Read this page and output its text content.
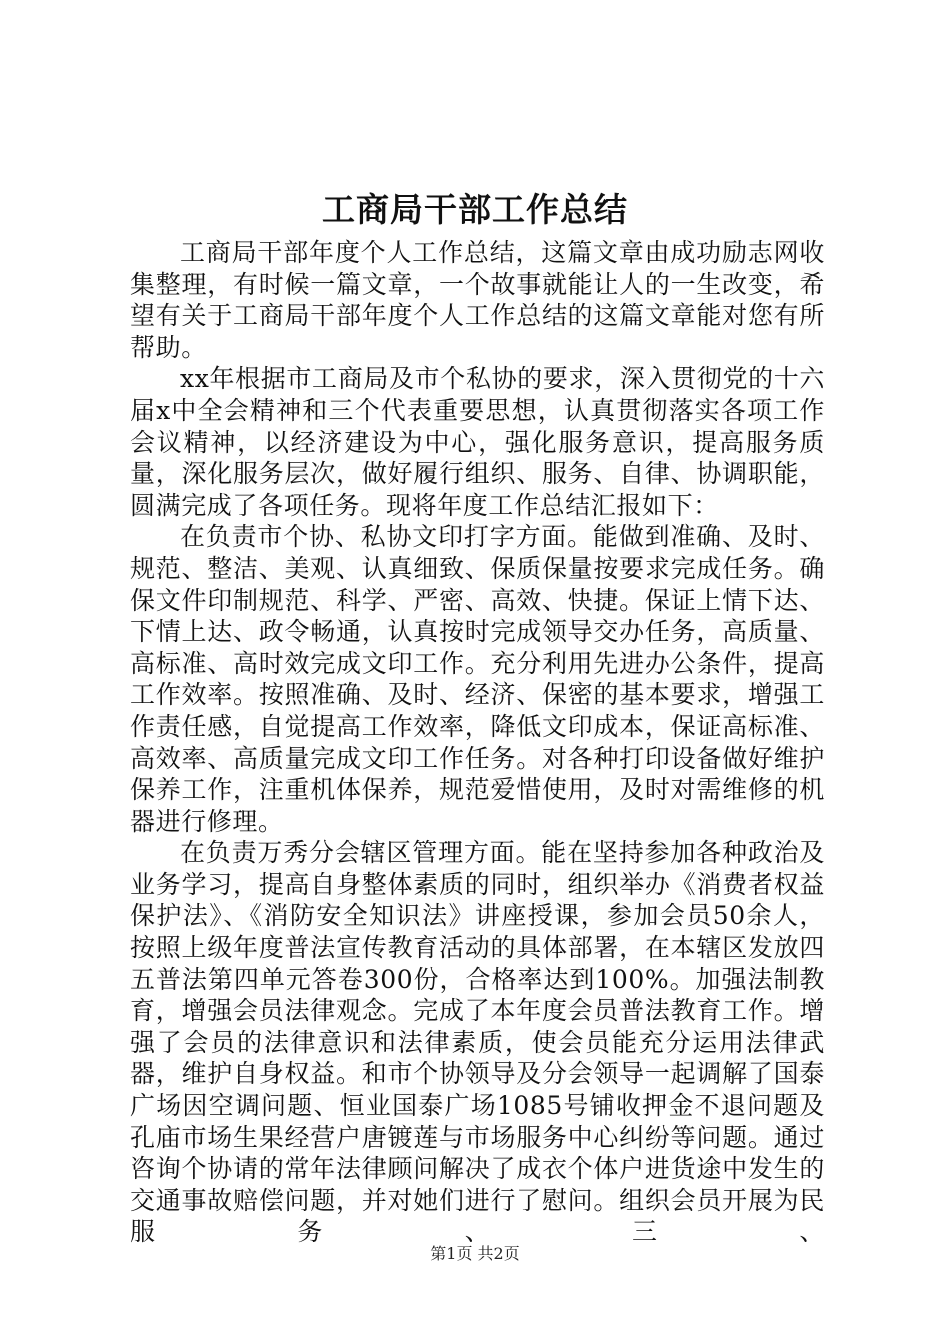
工商局干部工作总结

工商局干部年度个人工作总结，这篇文章由成功励志网收集整理，有时候一篇文章，一个故事就能让人的一生改变，希望有关于工商局干部年度个人工作总结的这篇文章能对您有所帮助。

xx年根据市工商局及市个私协的要求，深入贯彻党的十六届x中全会精神和三个代表重要思想，认真贯彻落实各项工作会议精神，以经济建设为中心，强化服务意识，提高服务质量，深化服务层次，做好履行组织、服务、自律、协调职能，圆满完成了各项任务。现将年度工作总结汇报如下：

在负责市个协、私协文印打字方面。能做到准确、及时、规范、整洁、美观、认真细致、保质保量按要求完成任务。确保文件印制规范、科学、严密、高效、快捷。保证上情下达、下情上达、政令畅通，认真按时完成领导交办任务，高质量、高标准、高时效完成文印工作。充分利用先进办公条件，提高工作效率。按照准确、及时、经济、保密的基本要求，增强工作责任感，自觉提高工作效率，降低文印成本，保证高标准、高效率、高质量完成文印工作任务。对各种打印设备做好维护保养工作，注重机体保养，规范爱惜使用，及时对需维修的机器进行修理。

在负责万秀分会辖区管理方面。能在坚持参加各种政治及业务学习，提高自身整体素质的同时，组织举办《消费者权益保护法》、《消防安全知识法》讲座授课，参加会员50余人，按照上级年度普法宣传教育活动的具体部署，在本辖区发放四五普法第四单元答卷300份，合格率达到100%。加强法制教育，增强会员法律观念。完成了本年度会员普法教育工作。增强了会员的法律意识和法律素质，使会员能充分运用法律武器，维护自身权益。和市个协领导及分会领导一起调解了国泰广场因空调问题、恒业国泰广场1085号铺收押金不退问题及孔庙市场生果经营户唐镀莲与市场服务中心纠纷等问题。通过咨询个协请的常年法律顾问解决了成衣个体户进货途中发生的交通事故赔偿问题，并对她们进行了慰问。组织会员开展为民服务、三、

第1页 共2页
